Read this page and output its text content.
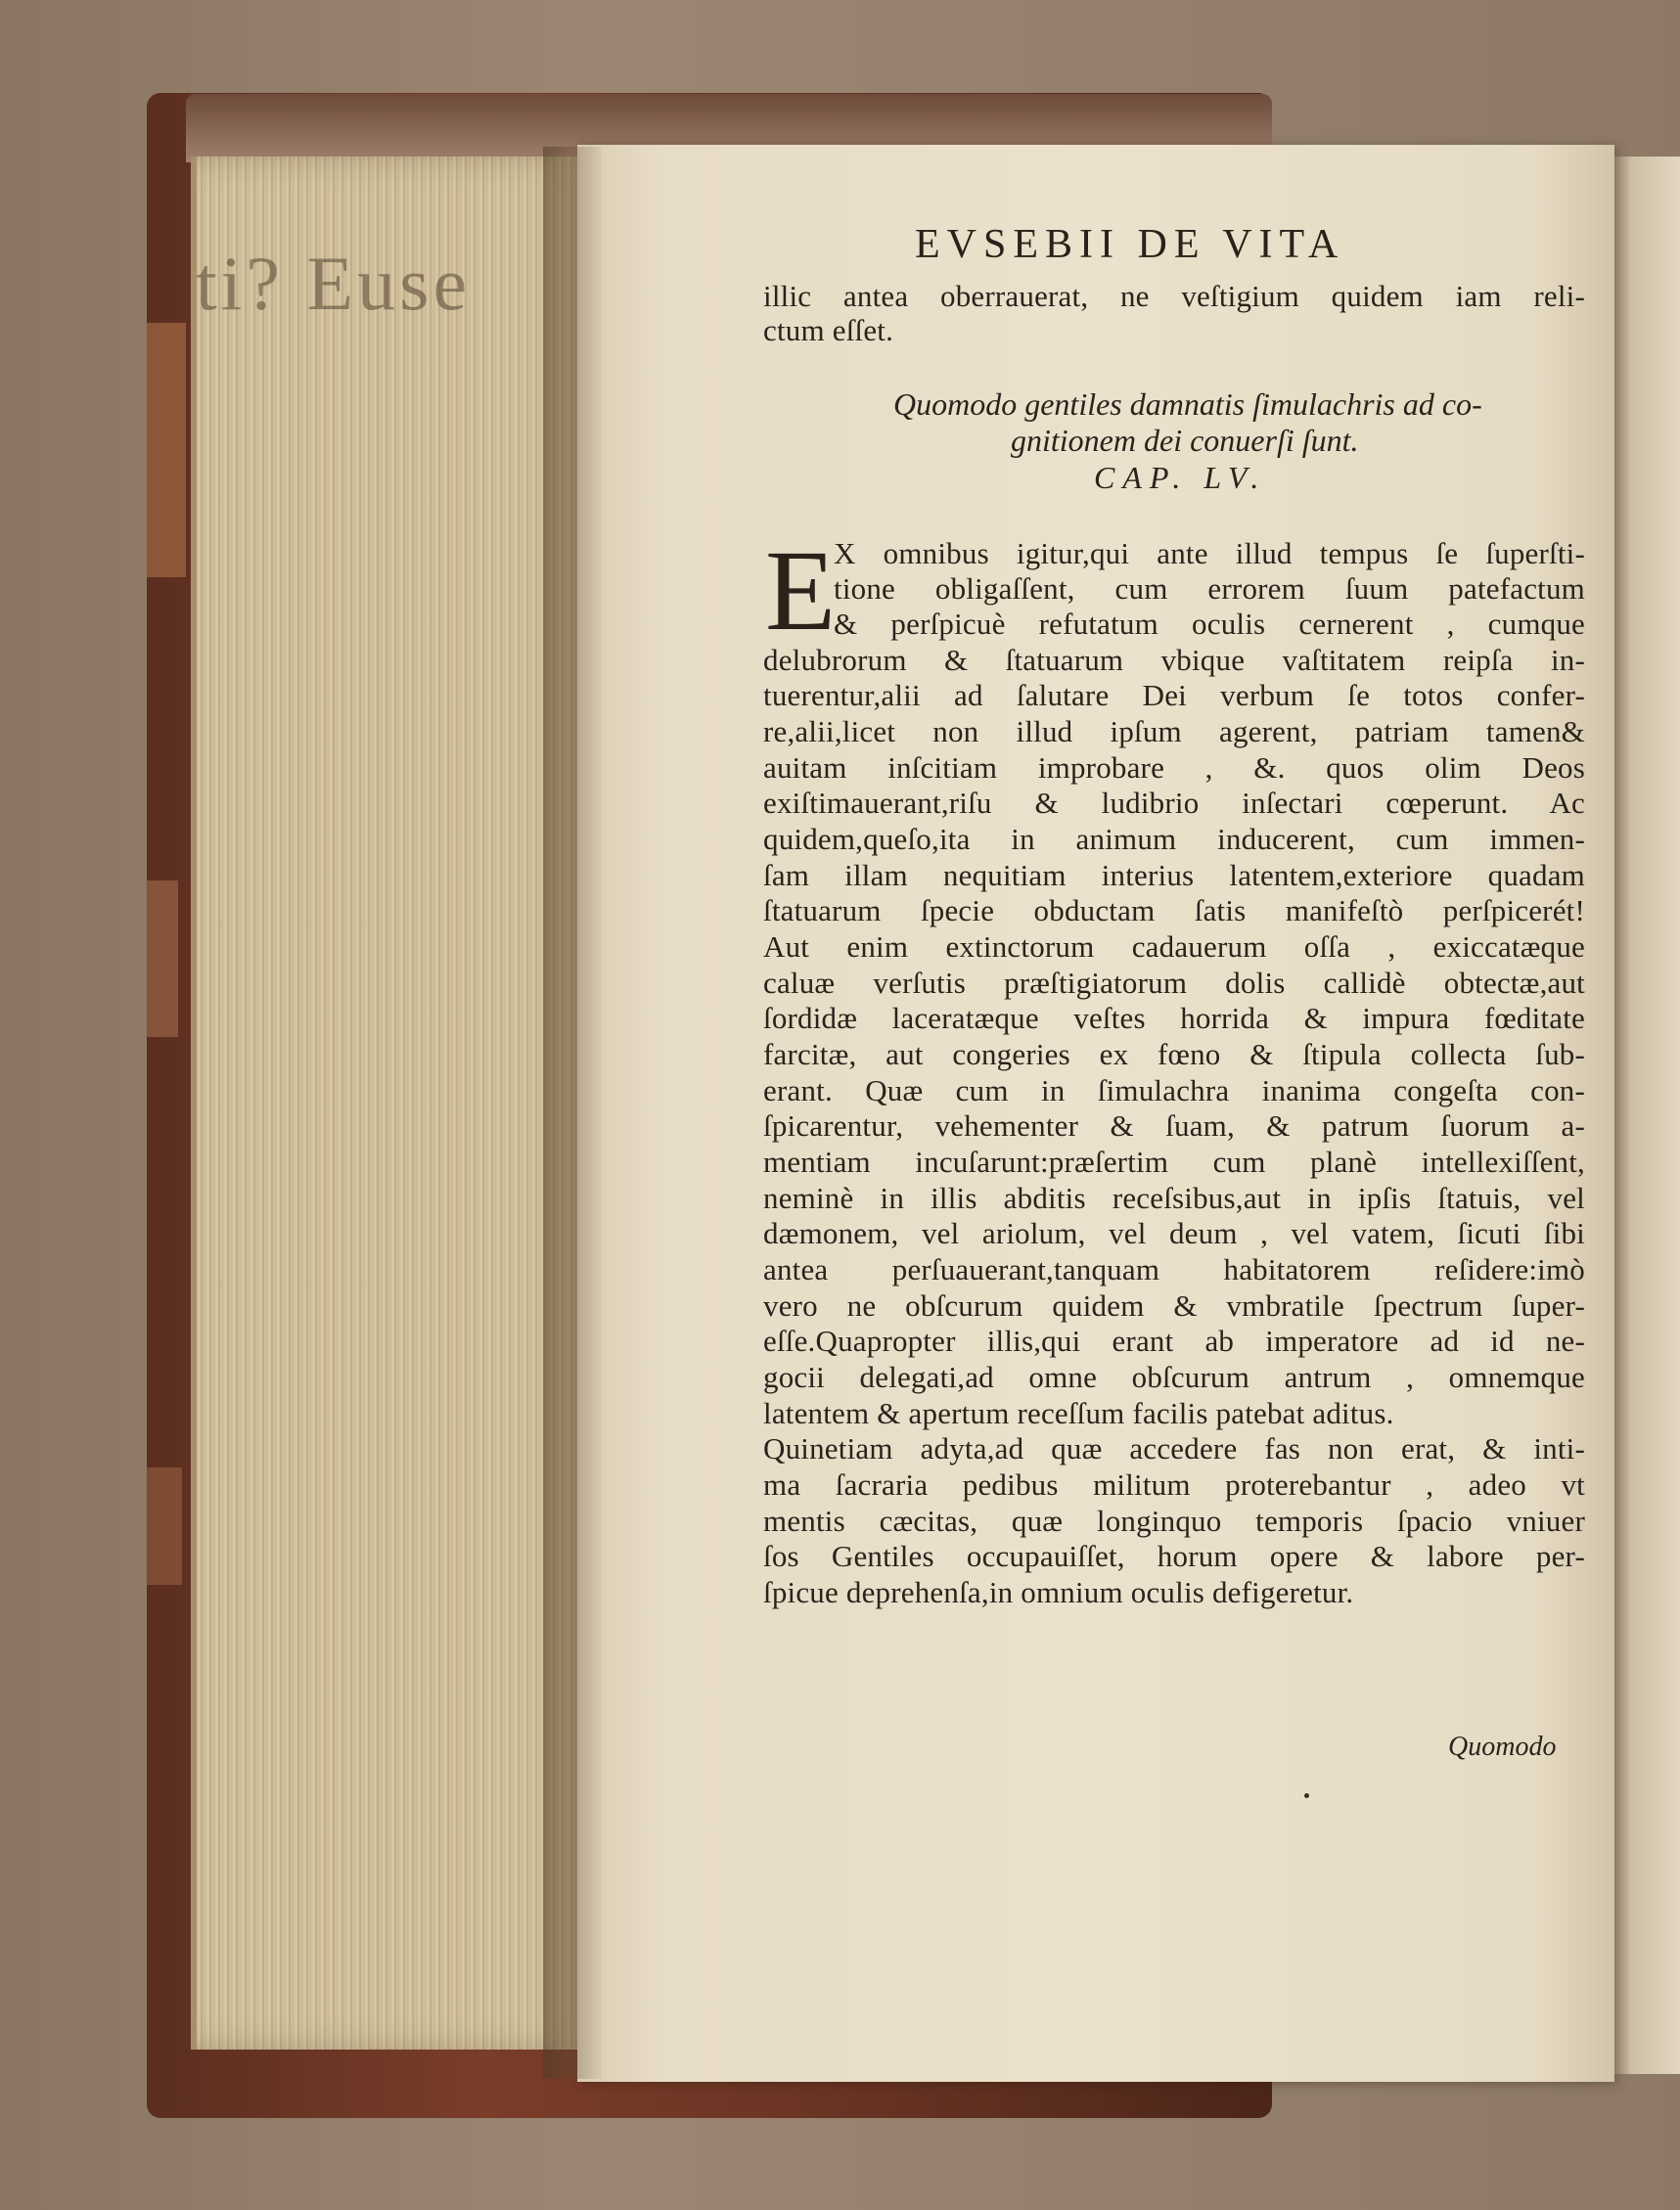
ti? Euse	EVSEBII DE VITA
illic antea oberrauerat, ne veſtigium quidem iam reli-
ctum eſſet.
Quomodo gentiles damnatis ſimulachris ad co-
gnitionem dei conuerſi ſunt.
CAP. LV.
E
X omnibus igitur,qui ante illud tempus ſe ſuperſti-
tione obligaſſent, cum errorem ſuum patefactum
& perſpicuè refutatum oculis cernerent , cumque
delubrorum & ſtatuarum vbique vaſtitatem reipſa in-
tuerentur,alii ad ſalutare Dei verbum ſe totos confer-
re,alii,licet non illud ipſum agerent, patriam tamen&
auitam inſcitiam improbare , &. quos olim Deos
exiſtimauerant,riſu & ludibrio inſectari cœperunt. Ac
quidem,queſo,ita in animum inducerent, cum immen-
ſam illam nequitiam interius latentem,exteriore quadam
ſtatuarum ſpecie obductam ſatis manifeſtò perſpicerét!
Aut enim extinctorum cadauerum oſſa , exiccatæque
caluæ verſutis præſtigiatorum dolis callidè obtectæ,aut
ſordidæ laceratæque veſtes horrida & impura fœditate
farcitæ, aut congeries ex fœno & ſtipula collecta ſub-
erant. Quæ cum in ſimulachra inanima congeſta con-
ſpicarentur, vehementer & ſuam, & patrum ſuorum a-
mentiam incuſarunt:præſertim cum planè intellexiſſent,
neminè in illis abditis receſsibus,aut in ipſis ſtatuis, vel
dæmonem, vel ariolum, vel deum , vel vatem, ſicuti ſibi
antea perſuauerant,tanquam habitatorem reſidere:imò
vero ne obſcurum quidem & vmbratile ſpectrum ſuper-
eſſe.Quapropter illis,qui erant ab imperatore ad id ne-
gocii delegati,ad omne obſcurum antrum , omnemque
latentem & apertum receſſum facilis patebat aditus.
Quinetiam adyta,ad quæ accedere fas non erat, & inti-
ma ſacraria pedibus militum proterebantur , adeo vt
mentis cæcitas, quæ longinquo temporis ſpacio vniuer
ſos Gentiles occupauiſſet, horum opere & labore per-
ſpicue deprehenſa,in omnium oculis defigeretur.
Quomodo
